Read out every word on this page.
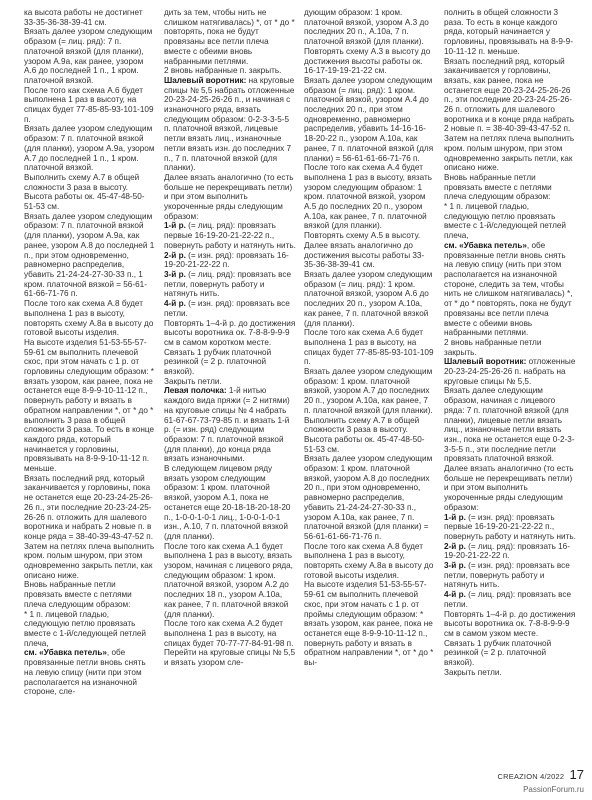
ка высота работы не достигнет 33-35-36-38-39-41 см.

Вязать далее узором следующим образом (= лиц. ряд): 7 п. платочной вязкой (для планки), узором А.9а, как ранее, узором А.6 до последней 1 п., 1 кром. платочной вязкой.

После того как схема А.6 будет выполнена 1 раз в высоту, на спицах будет 77-85-85-93-101-109 п.

Вязать далее узором следующим образом: 7 п. платочной вязкой (для планки), узором А.9а, узором А.7 до последней 1 п., 1 кром. платочной вязкой.

Выполнить схему А.7 в общей сложности 3 раза в высоту. Высота работы ок. 45-47-48-50-51-53 см.

Вязать далее узором следующим образом: 7 п. платочной вязкой (для планки), узором А.9а, как ранее, узором А.8 до последней 1 п., при этом одновременно, равномерно распределив, убавить 21-24-24-27-30-33 п., 1 кром. платочной вязкой = 56-61-61-66-71-76 п.

После того как схема А.8 будет выполнена 1 раз в высоту, повторять схему А.8а в высоту до готовой высоты изделия.

На высоте изделия 51-53-55-57-59-61 см выполнить плечевой скос, при этом начать с 1 р. от горловины следующим образом: * вязать узором, как ранее, пока не останется еще 8-9-9-10-11-12 п., повернуть работу и вязать в обратном направлении *, от * до * выполнить 3 раза в общей сложности 3 раза. То есть в конце каждого ряда, который начинается у горловины, провязывать на 8-9-9-10-11-12 п. меньше.

Вязать последний ряд, который заканчивается у горловины, пока не останется еще 20-23-24-25-26-26 п., эти последние 20-23-24-25-26-26 п. отложить для шалевого воротника и набрать 2 новые п. в конце ряда = 38-40-39-43-47-52 п.

Затем на петлях плеча выполнить кром. полым шнуром, при этом одновременно закрыть петли, как описано ниже.

Вновь набранные петли провязать вместе с петлями плеча следующим образом:

* 1 п. лицевой гладью, следующую петлю провязать вместе с 1-й/следующей петлей плеча,

см. «Убавка петель», обе провязанные петли вновь снять на левую спицу (нити при этом располагается на изнаночной стороне, сле-

дить за тем, чтобы нить не слишком натягивалась) *, от * до * повторять, пока не будут провязаны все петли плеча вместе с обеими вновь набранными петлями.

2 вновь набранные п. закрыть.

Шалевый воротник: на круговые спицы № 5,5 набрать отложенные 20-23-24-25-26-26 п., и начиная с изнаночного ряда, вязать следующим образом: 0-2-3-3-5-5 п. платочной вязкой, лицевые петли вязать лиц., изнаночные петли вязать изн. до последних 7 п., 7 п. платочной вязкой (для планки).

Далее вязать аналогично (то есть больше не перекрещивать петли) и при этом выполнить укороченные ряды следующим образом:

1-й р. (= лиц. ряд): провязать первые 16-19-20-21-22-22 п., повернуть работу и натянуть нить.

2-й р. (= изн. ряд): провязать 16-19-20-21-22-22 п.

3-й р. (= лиц. ряд): провязать все петли, повернуть работу и натянуть нить.

4-й р. (= изн. ряд): провязать все петли.

Повторять 1–4-й р. до достижения высоты воротника ок. 7-8-8-9-9-9 см в самом коротком месте.

Связать 1 рубчик платочной резинкой (= 2 р. платочной вязкой).

Закрыть петли.

Левая полочка: 1-й нитью каждого вида пряжи (= 2 нитями) на круговые спицы № 4 набрать 61-67-67-73-79-85 п. и вязать 1-й р. (= изн. ряд) следующим образом: 7 п. платочной вязкой (для планки), до конца ряда вязать изнаночными.

В следующем лицевом ряду вязать узором следующим образом: 1 кром. платочной вязкой, узором А.1, пока не останется еще 20-18-18-20-18-20 п., 1-0-0-1-0-1 лиц., 1-0-0-1-0-1 изн., А.10, 7 п. платочной вязкой (для планки).

После того как схема А.1 будет выполнена 1 раз в высоту, вязать узором, начиная с лицевого ряда, следующим образом: 1 кром. платочной вязкой, узором А.2 до последних 18 п., узором А.10а, как ранее, 7 п. платочной вязкой (для планки).

После того как схема А.2 будет выполнена 1 раз в высоту, на спицах будет 70-77-77-84-91-98 п.

Перейти на круговые спицы № 5,5 и вязать узором сле-

дующим образом: 1 кром. платочной вязкой, узором А.3 до последних 20 п., А.10а, 7 п. платочной вязкой (для планки).

Повторять схему А.3 в высоту до достижения высоты работы ок. 16-17-19-19-21-22 см.

Вязать далее узором следующим образом (= лиц. ряд): 1 кром. платочной вязкой, узором А.4 до последних 20 п., при этом одновременно, равномерно распределив, убавить 14-16-16-18-20-22 п., узором А.10а, как ранее, 7 п. платочной вязкой (для планки) = 56-61-61-66-71-76 п.

После того как схема А.4 будет выполнена 1 раз в высоту, вязать узором следующим образом: 1 кром. платочной вязкой, узором А.5 до последних 20 п., узором А.10а, как ранее, 7 п. платочной вязкой (для планки).

Повторять схему А.5 в высоту. Далее вязать аналогично до достижения высоты работы 33-35-36-38-39-41 см.

Вязать далее узором следующим образом (= лиц. ряд): 1 кром. платочной вязкой, узором А.6 до последних 20 п., узором А.10а, как ранее, 7 п. платочной вязкой (для планки).

После того как схема А.6 будет выполнена 1 раз в высоту, на спицах будет 77-85-85-93-101-109 п.

Вязать далее узором следующим образом: 1 кром. платочной вязкой, узором А.7 до последних 20 п., узором А.10а, как ранее, 7 п. платочной вязкой (для планки).

Выполнить схему А.7 в общей сложности 3 раза в высоту. Высота работы ок. 45-47-48-50-51-53 см.

Вязать далее узором следующим образом: 1 кром. платочной вязкой, узором А.8 до последних 20 п., при этом одновременно, равномерно распределив, убавить 21-24-24-27-30-33 п., узором А.10а, как ранее, 7 п. платочной вязкой (для планки) = 56-61-61-66-71-76 п.

После того как схема А.8 будет выполнена 1 раз в высоту, повторять схему А.8а в высоту до готовой высоты изделия.

На высоте изделия 51-53-55-57-59-61 см выполнить плечевой скос, при этом начать с 1 р. от проймы следующим образом: * вязать узором, как ранее, пока не останется еще 8-9-9-10-11-12 п., повернуть работу и вязать в обратном направлении *, от * до * вы-

полнить в общей сложности 3 раза. То есть в конце каждого ряда, который начинается у горловины, провязывать на 8-9-9-10-11-12 п. меньше.

Вязать последний ряд, который заканчивается у горловины, вязать, как ранее, пока не останется еще 20-23-24-25-26-26 п., эти последние 20-23-24-25-26-26 п. отложить для шалевого воротника и в конце ряда набрать 2 новые п. = 38-40-39-43-47-52 п.

Затем на петлях плеча выполнить кром. полым шнуром, при этом одновременно закрыть петли, как описано ниже.

Вновь набранные петли провязать вместе с петлями плеча следующим образом:

* 1 п. лицевой гладью, следующую петлю провязать вместе с 1-й/следующей петлей плеча,

см. «Убавка петель», обе провязанные петли вновь снять на левую спицу (нить при этом располагается на изнаночной стороне, следить за тем, чтобы нить не слишком натягивалась) *, от * до * повторять, пока не будут провязаны все петли плеча вместе с обеими вновь набранными петлями.

2 вновь набранные петли закрыть.

Шалевый воротник: отложенные 20-23-24-25-26-26 п. набрать на круговые спицы № 5,5.

Вязать далее следующим образом, начиная с лицевого ряда: 7 п. платочной вязкой (для планки), лицевые петли вязать лиц., изнаночные петли вязать изн., пока не останется еще 0-2-3-3-5-5 п., эти последние петли провязать платочной вязкой.

Далее вязать аналогично (то есть больше не перекрещивать петли) и при этом выполнить укороченные ряды следующим образом:

1-й р. (= изн. ряд): провязать первые 16-19-20-21-22-22 п., повернуть работу и натянуть нить.

2-й р. (= лиц. ряд): провязать 16-19-20-21-22-22 п.

3-й р. (= изн. ряд): провязать все петли, повернуть работу и натянуть нить.

4-й р. (= лиц. ряд): провязать все петли.

Повторять 1–4-й р. до достижения высоты воротника ок. 7-8-8-9-9-9 см в самом узком месте.

Связать 1 рубчик платочной резинкой (= 2 р. платочной вязкой).

Закрыть петли.

CREAZION 4/2022 17
PassionForum.ru
